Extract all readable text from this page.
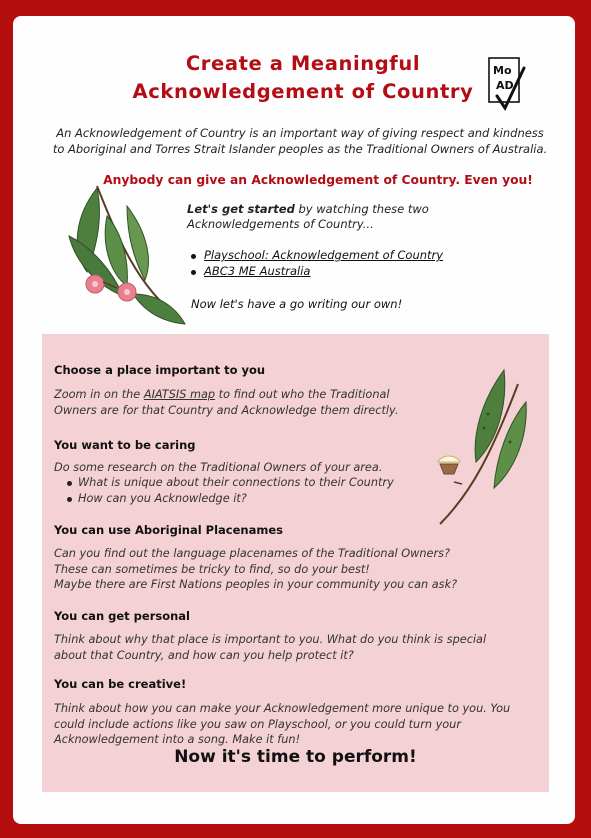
Create a Meaningful
Acknowledgement of Country
Mo
AD
An Acknowledgement of Country is an important way of giving respect and kindness
to Aboriginal and Torres Strait Islander peoples as the Traditional Owners of Australia.
Anybody can give an Acknowledgement of Country. Even you!
Let's get started by watching these two
Acknowledgements of Country...
Playschool: Acknowledgement of Country
ABC3 ME Australia
Now let's have a go writing our own!
Choose a place important to you
Zoom in on the AIATSIS map to find out who the Traditional
Owners are for that Country and Acknowledge them directly.
You want to be caring
Do some research on the Traditional Owners of your area.
What is unique about their connections to their Country
How can you Acknowledge it?
You can use Aboriginal Placenames
Can you find out the language placenames of the Traditional Owners?
These can sometimes be tricky to find, so do your best!
Maybe there are First Nations peoples in your community you can ask?
You can get personal
Think about why that place is important to you. What do you think is special
about that Country, and how can you help protect it?
You can be creative!
Think about how you can make your Acknowledgement more unique to you. You
could include actions like you saw on Playschool, or you could turn your
Acknowledgement into a song. Make it fun!
Now it's time to perform!
